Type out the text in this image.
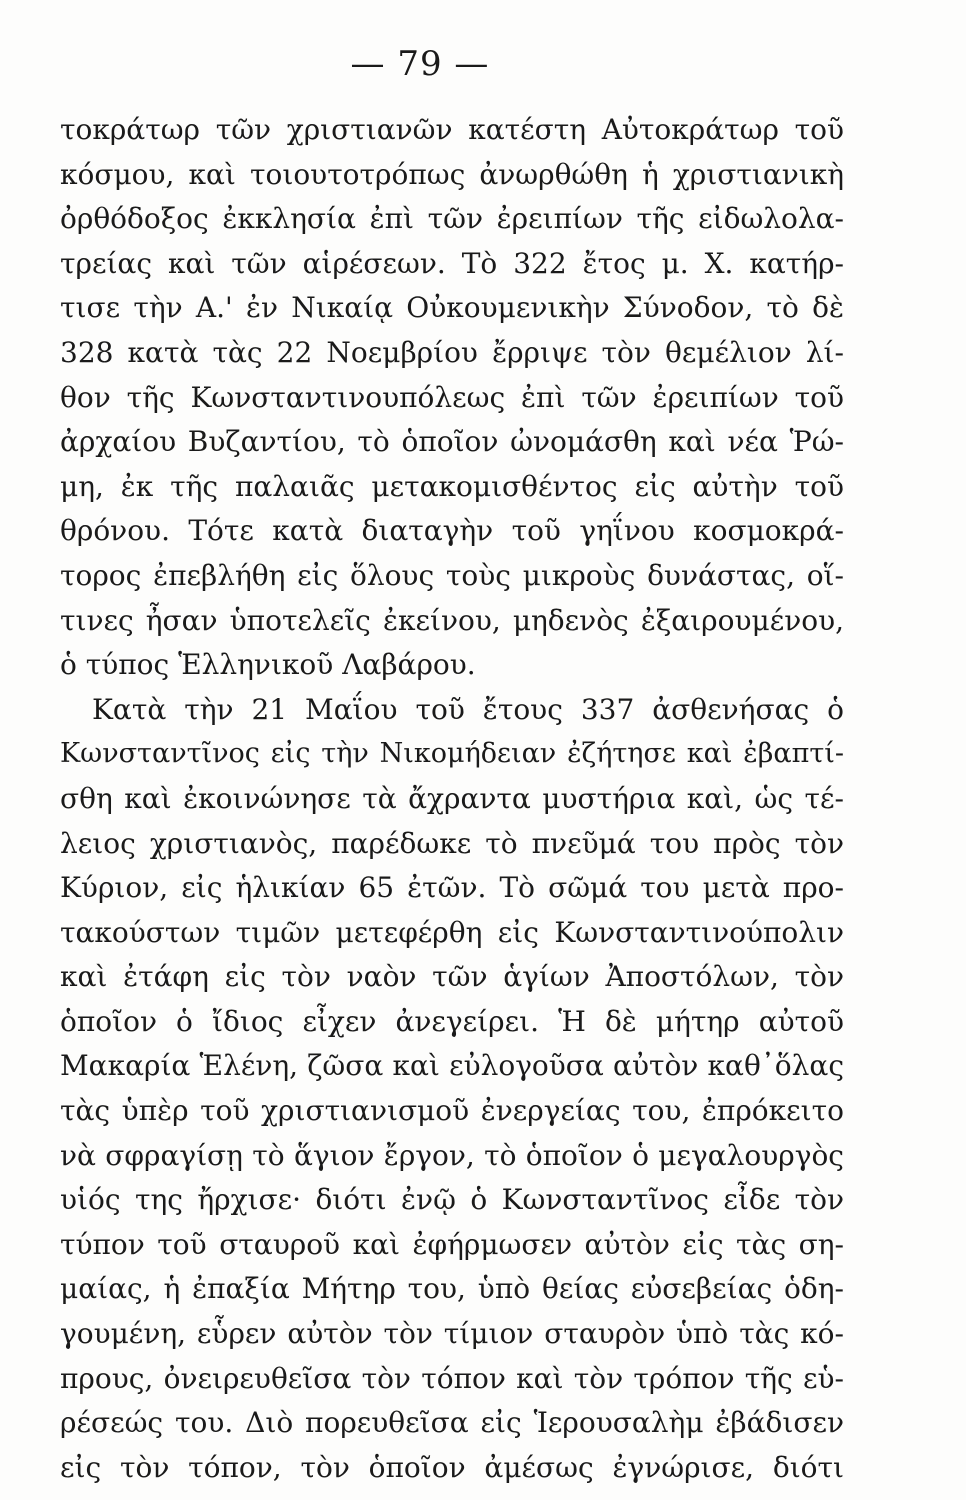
— 79 —
τοκράτωρ τῶν χριστιανῶν κατέστη Αὐτοκράτωρ τοῦ
κόσμου, καὶ τοιουτοτρόπως ἀνωρθώθη ἡ χριστιανικὴ
ὀρθόδοξος ἐκκλησία ἐπὶ τῶν ἐρειπίων τῆς εἰδωλολα-
τρείας καὶ τῶν αἱρέσεων. Τὸ 322 ἔτος μ. Χ. κατήρ-
τισε τὴν Α.' ἐν Νικαίᾳ Οὐκουμενικὴν Σύνοδον, τὸ δὲ
328 κατὰ τὰς 22 Νοεμβρίου ἔρριψε τὸν θεμέλιον λί-
θον τῆς Κωνσταντινουπόλεως ἐπὶ τῶν ἐρειπίων τοῦ
ἀρχαίου Βυζαντίου, τὸ ὁποῖον ὠνομάσθη καὶ νέα Ῥώ-
μη, ἐκ τῆς παλαιᾶς μετακομισθέντος εἰς αὐτὴν τοῦ
θρόνου. Τότε κατὰ διαταγὴν τοῦ γηΐνου κοσμοκρά-
τορος ἐπεβλήθη εἰς ὅλους τοὺς μικροὺς δυνάστας, οἵ-
τινες ἦσαν ὑποτελεῖς ἐκείνου, μηδενὸς ἐξαιρουμένου,
ὁ τύπος Ἑλληνικοῦ Λαβάρου.
Κατὰ τὴν 21 Μαΐου τοῦ ἔτους 337 ἀσθενήσας ὁ
Κωνσταντῖνος εἰς τὴν Νικομήδειαν ἐζήτησε καὶ ἐβαπτί-
σθη καὶ ἐκοινώνησε τὰ ἄχραντα μυστήρια καὶ, ὡς τέ-
λειος χριστιανὸς, παρέδωκε τὸ πνεῦμά του πρὸς τὸν
Κύριον, εἰς ἡλικίαν 65 ἐτῶν. Τὸ σῶμά του μετὰ προ-
τακούστων τιμῶν μετεφέρθη εἰς Κωνσταντινούπολιν
καὶ ἐτάφη εἰς τὸν ναὸν τῶν ἁγίων Ἀποστόλων, τὸν
ὁποῖον ὁ ἴδιος εἶχεν ἀνεγείρει. Ἡ δὲ μήτηρ αὐτοῦ
Μακαρία Ἑλένη, ζῶσα καὶ εὐλογοῦσα αὐτὸν καθ᾽ὅλας
τὰς ὑπὲρ τοῦ χριστιανισμοῦ ἐνεργείας του, ἐπρόκειτο
νὰ σφραγίσῃ τὸ ἅγιον ἔργον, τὸ ὁποῖον ὁ μεγαλουργὸς
υἱός της ἤρχισε· διότι ἐνῷ ὁ Κωνσταντῖνος εἶδε τὸν
τύπον τοῦ σταυροῦ καὶ ἐφήρμωσεν αὐτὸν εἰς τὰς ση-
μαίας, ἡ ἐπαξία Μήτηρ του, ὑπὸ θείας εὐσεβείας ὁδη-
γουμένη, εὗρεν αὐτὸν τὸν τίμιον σταυρὸν ὑπὸ τὰς κό-
πρους, ὀνειρευθεῖσα τὸν τόπον καὶ τὸν τρόπον τῆς εὑ-
ρέσεώς του. Διὸ πορευθεῖσα εἰς Ἱερουσαλὴμ ἐβάδισεν
εἰς τὸν τόπον, τὸν ὁποῖον ἀμέσως ἐγνώρισε, διότι
